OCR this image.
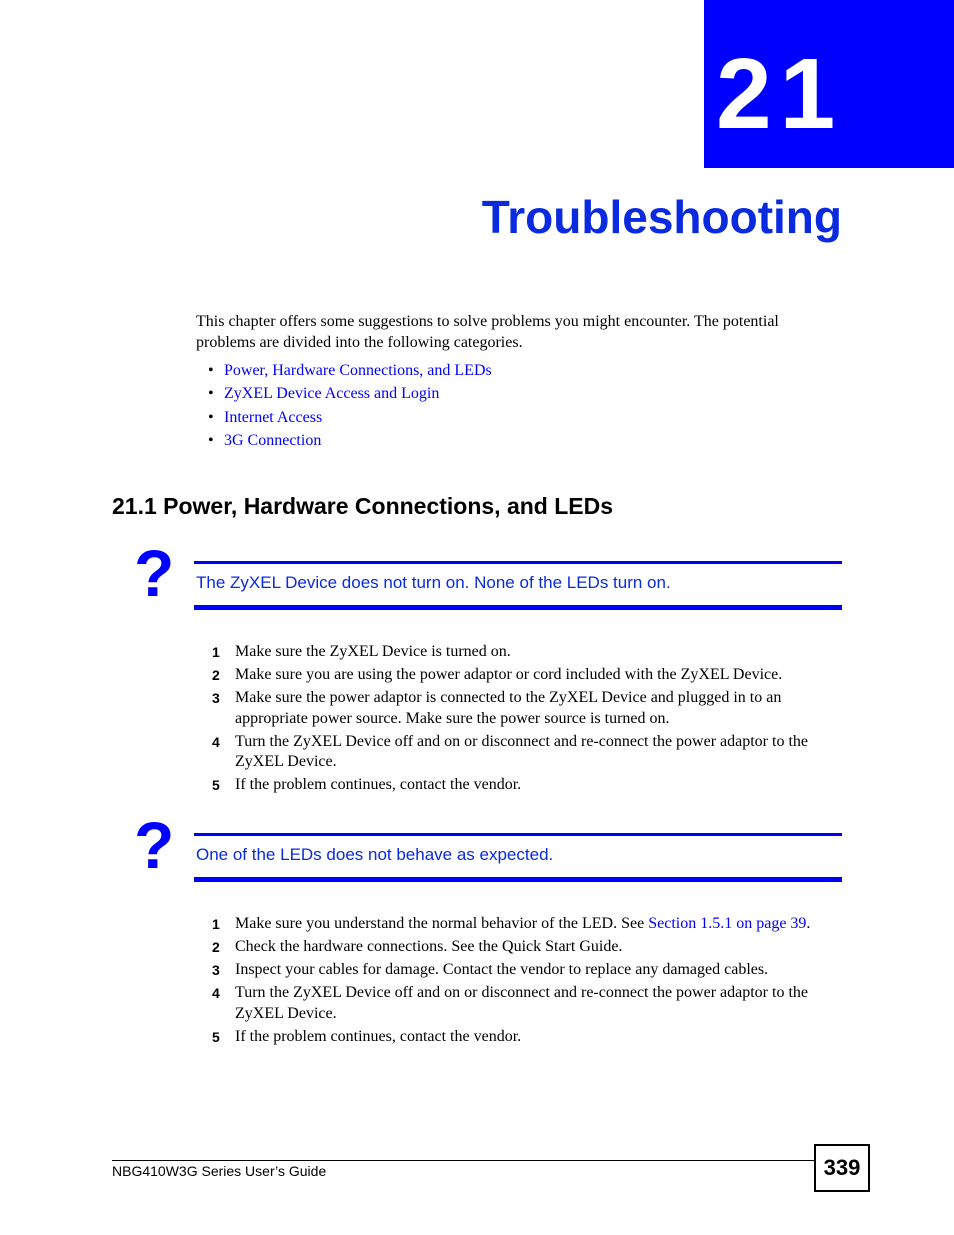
21
Troubleshooting

This chapter offers some suggestions to solve problems you might encounter. The potential problems are divided into the following categories.

• Power, Hardware Connections, and LEDs
• ZyXEL Device Access and Login
• Internet Access
• 3G Connection
21.1 Power, Hardware Connections, and LEDs
? The ZyXEL Device does not turn on. None of the LEDs turn on.
1 Make sure the ZyXEL Device is turned on.
2 Make sure you are using the power adaptor or cord included with the ZyXEL Device.
3 Make sure the power adaptor is connected to the ZyXEL Device and plugged in to an appropriate power source. Make sure the power source is turned on.
4 Turn the ZyXEL Device off and on or disconnect and re-connect the power adaptor to the ZyXEL Device.
5 If the problem continues, contact the vendor.
? One of the LEDs does not behave as expected.
1 Make sure you understand the normal behavior of the LED. See Section 1.5.1 on page 39.
2 Check the hardware connections. See the Quick Start Guide.
3 Inspect your cables for damage. Contact the vendor to replace any damaged cables.
4 Turn the ZyXEL Device off and on or disconnect and re-connect the power adaptor to the ZyXEL Device.
5 If the problem continues, contact the vendor.
NBG410W3G Series User’s Guide	339
